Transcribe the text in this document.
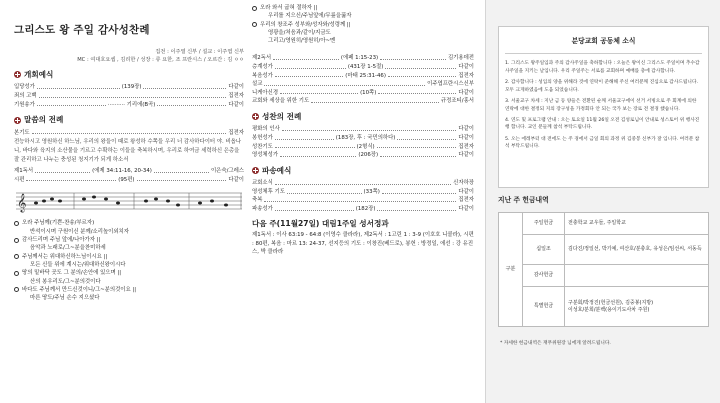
그리스도 왕 주일 감사성찬례
집전 : 이주열 신부 / 설교 : 이주엽 신부
MC : 여대호요셉 , 김리한 / 성장 : 류 요한, 조 프란시스 / 오르간 : 김 ㅇㅇ
개회예식
입당성가	(139장)	다같이
죄의 고백	집전자
기원송가	·········· 기리에(B곡)	다같이
말씀의 전례
본기도	집전자
전능하시고 영원하신 하느님, 우리의 왕들이 때로 왕성하 수쪽들 우리 너 감사하다이터 야. 비옵나니, 바다와 육지의 소산물을 기르고 수확하는 이들을 축복하시며, 우리로 하여금 세력하신 은총을 잘 관리하고 나누는 충성된 청지기가 되게 하소서
제1독서	(에제 34:11-16, 20-34)	이은숙/그레스
시편	(95편)	다같이
𝄞
오라 주님께(기쁜-찬송/부르자)
반석이시며 구원이신 분께/소리높이외치자
감사드리며 주님 앞에/나아가자 ||
음악과 노래로/그~분을찬미하세
주님께서는 위대하신하느님이시요 ||
모든 신들 위에 계시는/위대하신왕이시다
땅의 밑바닥 곳도 그 분의/손안에 있으며 ||
산의 봉우리도/그~분의것이다
바다도 주님께서 만드신것이니/그~분의것이요 ||
마른 땅도/주님 손수 지으셨다
오라 와서 굽혀 절하자 ||
우리를 지으신/주님앞에/무릎을꿇자
우리의 창조주 성부와/성자와/성령께 ||
영광을/처음과/같이/지금도
그리고/영원히/영원히/아~멘
제2독서	(에페 1:15-23)	김기용데전
층계성가	(431장 1-5절)	다같이
복음성가	(마태 25:31-46)	집전자
설교	이주엽프란시스신부
니케아신경	(10쪽)	다같이
교회와 세상을 위한 기도	규정조티/홍서
성찬의 전례
평화의 인사	다같이
봉헌성가	(183장, 후 : 국민의하다)	다같이
성찬기도	(2형식)	집전자
영성체성가	(206장)	다같이
파송예식
교회소식	신자하장
영성체후 기도	(33쪽)	다같이
축복	집전자
파송성가	(182장)	다같이
다음 주(11월27일) 대림1주일 성서정과
제1독서 : 이사 63:19 - 64:8 (이영수 클라라), 제2독서 : 1고린 1 : 3-9 (이호호 니콜라), 시편 : 80편, 복음 : 마르 13: 24-37, 선지등의 기도 : 이창진(베드로), 봉헌 : 방정일, 에선 : 강 유진스, 박 클라라
분당교회 공동체 소식
1. 그리스도 왕주일입과 주의 감사주일을 축하합니다 : 오늘은 왕이신 그리스도 주일이며 추수감사주일을 지키는 날입니다. 우리 주일주는 서로를 교회하며 예배를 충에 감사합니다.
2. 감사합니다 : 성입의 양을 위해라 것에 연락이 준해해 주신 여러분께 진심으로 감사드립니다. 모두 크게하였음에 도움 되었습니다.
3. 서울교구 차세 : 지난 금 등 양들은 전환된 순께 서울교구에이 선거 서빙으로 주 회계에 의한 연락에 대한 결정되 지의 장구성을 가정회다 안 되는 국가 보는 장로 전 결경 했습니다.
4. 연도 및 프로그램 안내 : 오는 토요일 11월 26일 오전 김성로님이 안내로 성스토어 위 행사진행 합니다. 교인 분들께 참석 부탁드립니다.
5. 오는 에레부터 대 전에도 는 주 경에서 금일 회의 과정 위 김중봉 신부가 잘 입니다. 여러분 참석 부탁드립니다.
지난 주 헌금내역
구분	주일헌금	전충학교 교우들, 주일학교
	십일조	김다진/정일선, 박기예, 여산호/분충호, 유성은/임선씨, 서동득
	감사헌금	
	특별헌금	구분회/박정진(헌금선원), 김중봉(지방)
이성호/분희/분백(용이기도사차 주원)
* 자세한 헌금내역은 재무위원장 님에게 알려드립니다.
